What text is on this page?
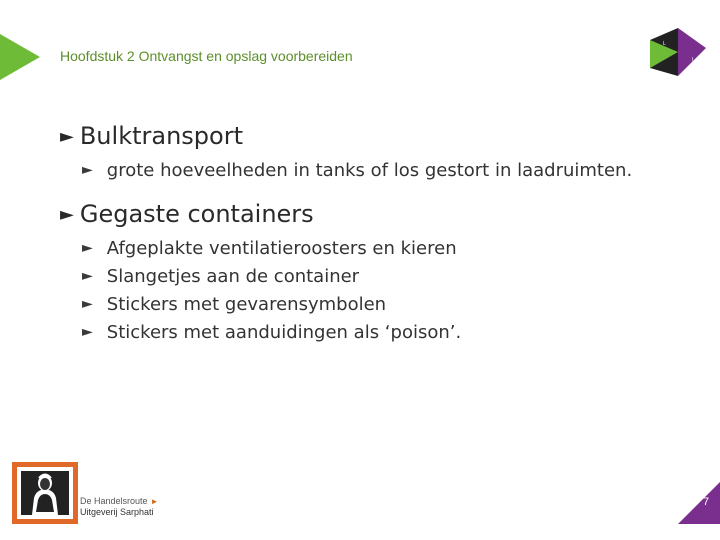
Hoofdstuk 2 Ontvangst en opslag voorbereiden
L
I
► Bulktransport
► grote hoeveelheden in tanks of los gestort in laadruimten.
► Gegaste containers
► Afgeplakte ventilatieroosters en kieren
► Slangetjes aan de container
► Stickers met gevarensymbolen
► Stickers met aanduidingen als ‘poison’.
De Handelsroute ►
Uitgeverij Sarphati
7
